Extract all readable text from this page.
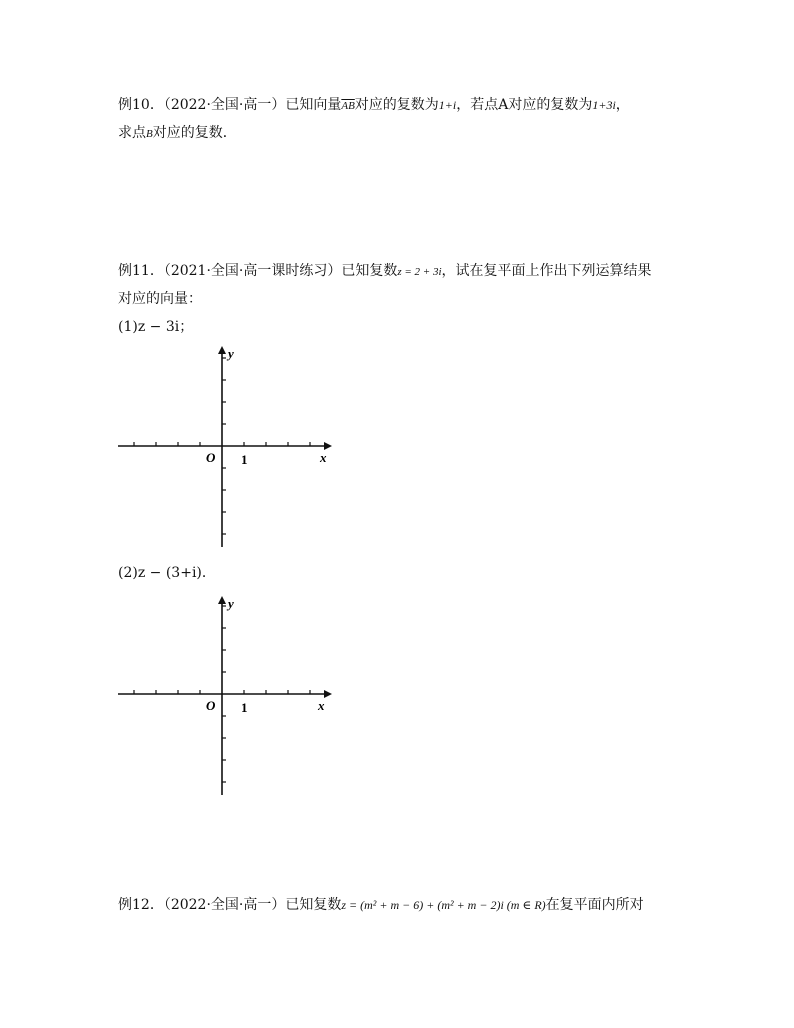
例10．（2022·全国·高一）已知向量$\overline{AB}$对应的复数为1+i，若点A对应的复数为1+3i，
求点B对应的复数．
例11．（2021·全国·高一课时练习）已知复数z = 2 + 3i，试在复平面上作出下列运算结果
对应的向量：
(1)z − 3i；
y
x
O 1
(2)z − (3+i)．
y
x
O 1
例12．（2022·全国·高一）已知复数z = (m² + m − 6) + (m² + m − 2)i (m ∈ R)在复平面内所对
